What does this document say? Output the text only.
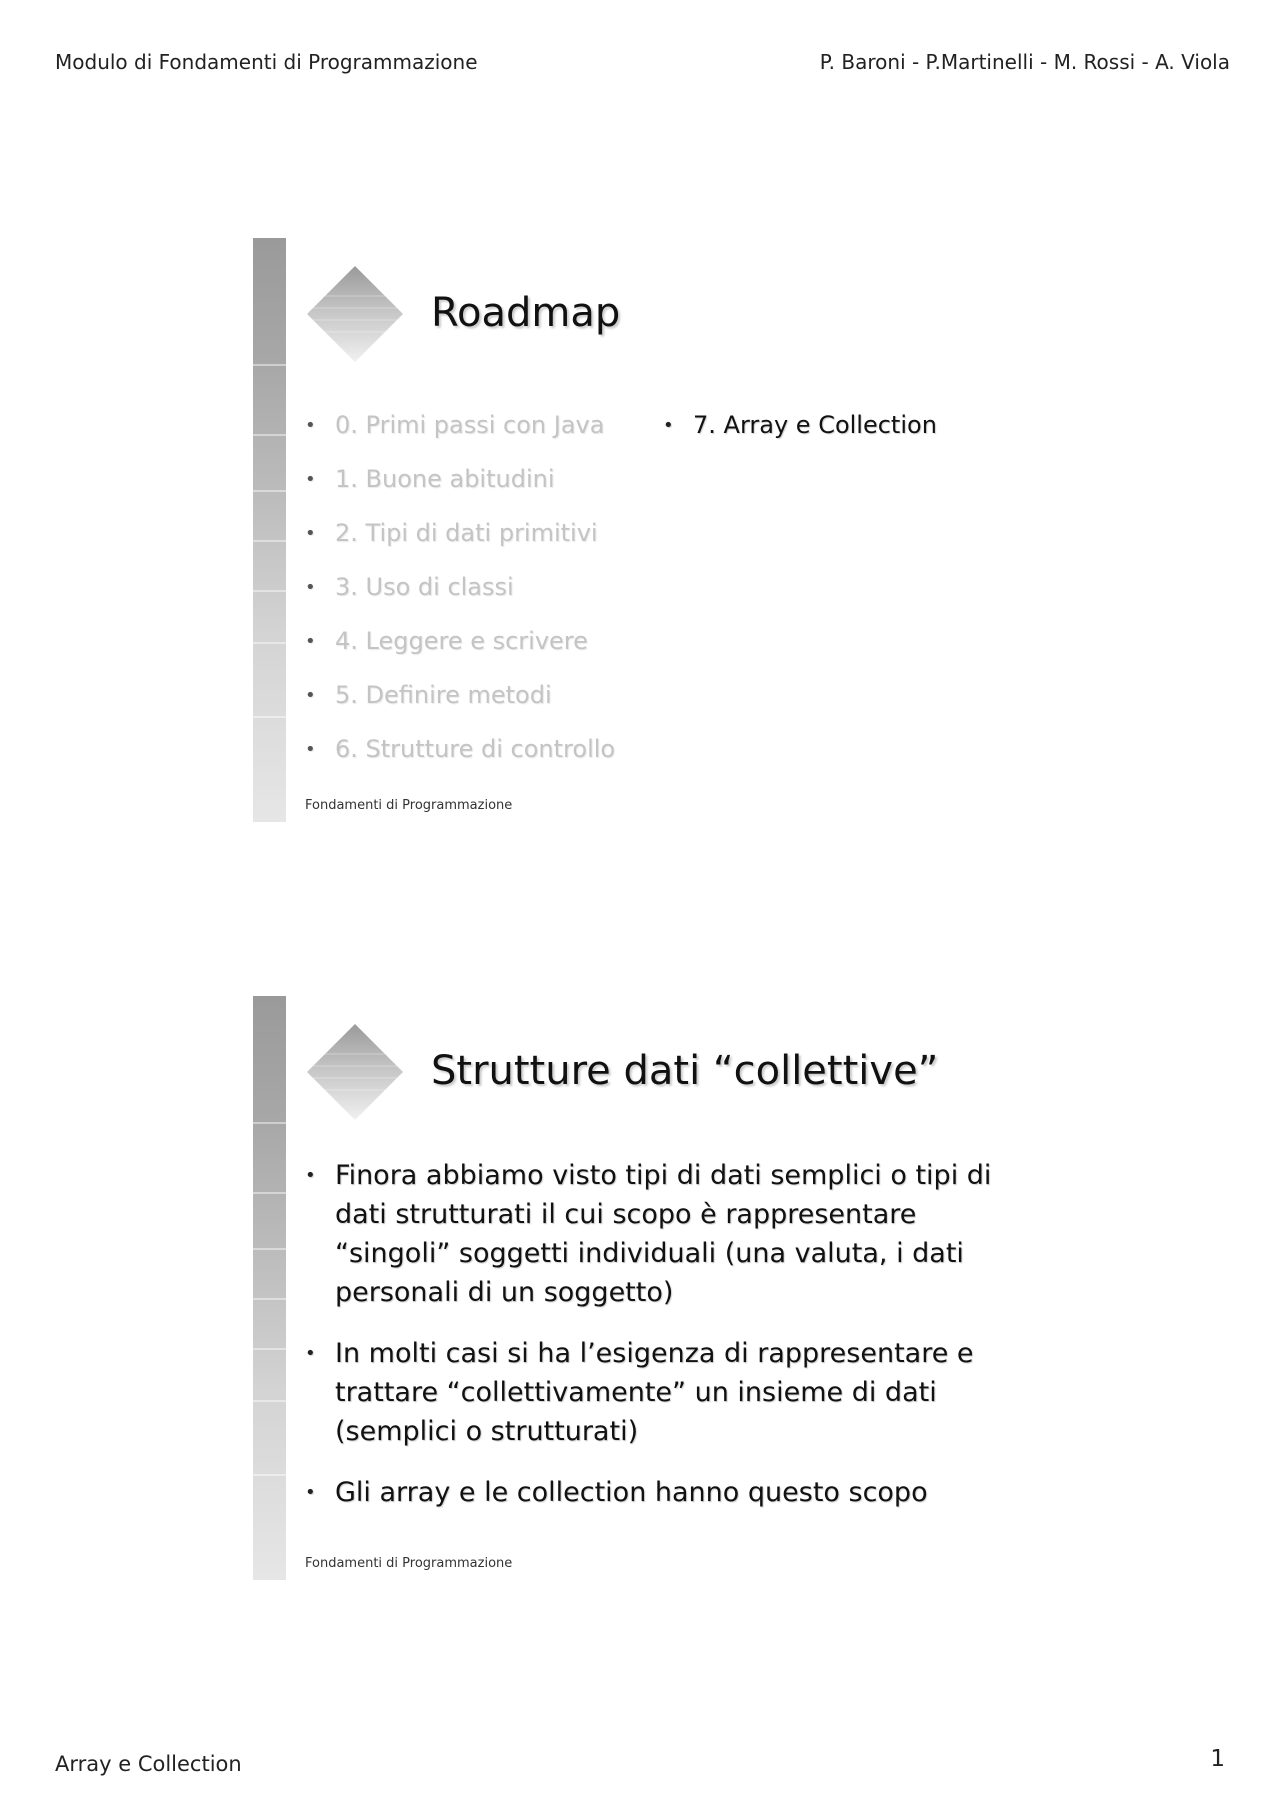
Modulo di Fondamenti di Programmazione	P. Baroni - P.Martinelli - M. Rossi - A. Viola
Roadmap
• 0. Primi passi con Java
• 1. Buone abitudini
• 2. Tipi di dati primitivi
• 3. Uso di classi
• 4. Leggere e scrivere
• 5. Definire metodi
• 6. Strutture di controllo
• 7. Array e Collection
Fondamenti di Programmazione
Strutture dati “collettive”
• Finora abbiamo visto tipi di dati semplici o tipi di dati strutturati il cui scopo è rappresentare “singoli” soggetti individuali (una valuta, i dati personali di un soggetto)
• In molti casi si ha l’esigenza di rappresentare e trattare “collettivamente” un insieme di dati (semplici o strutturati)
• Gli array e le collection hanno questo scopo
Fondamenti di Programmazione
Array e Collection	1
